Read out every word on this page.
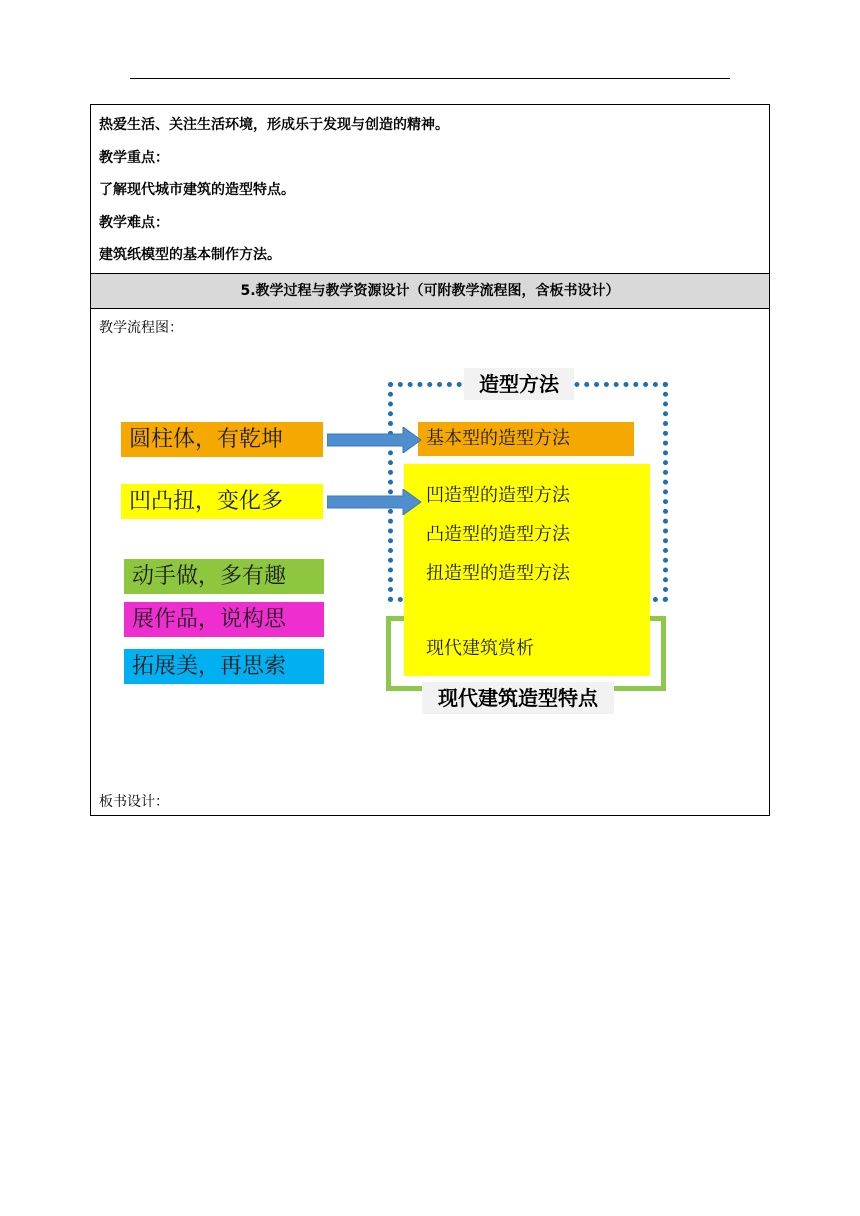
热爱生活、关注生活环境，形成乐于发现与创造的精神。
教学重点：
了解现代城市建筑的造型特点。
教学难点：
建筑纸模型的基本制作方法。
5.教学过程与教学资源设计（可附教学流程图，含板书设计）
教学流程图：
基本型的造型方法
凹造型的造型方法
凸造型的造型方法
扭造型的造型方法
现代建筑赏析
造型方法
现代建筑造型特点
圆柱体，有乾坤
凹凸扭，变化多
动手做，多有趣
展作品，说构思
拓展美，再思索
板书设计：
